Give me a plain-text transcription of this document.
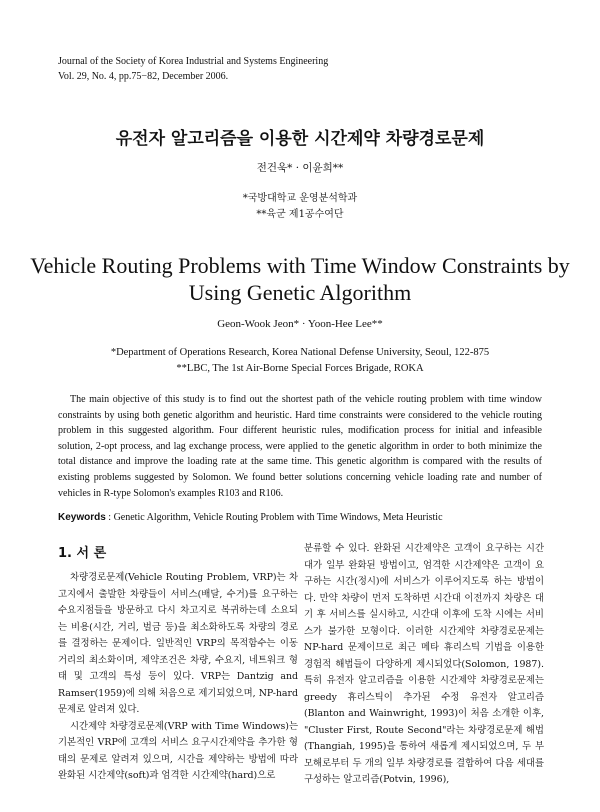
Journal of the Society of Korea Industrial and Systems Engineering
Vol. 29, No. 4, pp.75−82, December 2006.
유전자 알고리즘을 이용한 시간제약 차량경로문제
전건욱* · 이윤희**
*국방대학교 운영분석학과
**육군 제1공수여단
Vehicle Routing Problems with Time Window Constraints by
Using Genetic Algorithm
Geon-Wook Jeon* · Yoon-Hee Lee**
*Department of Operations Research, Korea National Defense University, Seoul, 122-875
**LBC, The 1st Air-Borne Special Forces Brigade, ROKA
The main objective of this study is to find out the shortest path of the vehicle routing problem with time window constraints by using both genetic algorithm and heuristic. Hard time constraints were considered to the vehicle routing problem in this suggested algorithm. Four different heuristic rules, modification process for initial and infeasible solution, 2-opt process, and lag exchange process, were applied to the genetic algorithm in order to both minimize the total distance and improve the loading rate at the same time. This genetic algorithm is compared with the results of existing problems suggested by Solomon. We found better solutions concerning vehicle loading rate and number of vehicles in R-type Solomon's examples R103 and R106.
Keywords : Genetic Algorithm, Vehicle Routing Problem with Time Windows, Meta Heuristic
1. 서 론

차량경로문제(Vehicle Routing Problem, VRP)는 차고지에서 출발한 차량들이 서비스(배달, 수거)를 요구하는 수요지점들을 방문하고 다시 차고지로 복귀하는데 소요되는 비용(시간, 거리, 벌금 등)을 최소화하도록 차량의 경로를 결정하는 문제이다. 일반적인 VRP의 목적함수는 이동거리의 최소화이며, 제약조건은 차량, 수요지, 네트워크 형태 및 고객의 특성 등이 있다. VRP는 Dantzig and Ramser(1959)에 의해 처음으로 제기되었으며, NP-hard 문제로 알려져 있다.

시간제약 차량경로문제(VRP with Time Windows)는 기본적인 VRP에 고객의 서비스 요구시간제약을 추가한 형태의 문제로 알려져 있으며, 시간을 제약하는 방법에 따라 완화된 시간제약(soft)과 엄격한 시간제약(hard)으로

분류할 수 있다. 완화된 시간제약은 고객이 요구하는 시간대가 일부 완화된 방법이고, 엄격한 시간제약은 고객이 요구하는 시간(정시)에 서비스가 이루어지도록 하는 방법이다. 만약 차량이 먼저 도착하면 시간대 이전까지 차량은 대기 후 서비스를 실시하고, 시간대 이후에 도착 시에는 서비스가 불가한 모형이다. 이러한 시간제약 차량경로문제는 NP-hard 문제이므로 최근 메타 휴리스틱 기법을 이용한 경험적 해법들이 다양하게 제시되었다(Solomon, 1987). 특히 유전자 알고리즘을 이용한 시간제약 차량경로문제는 greedy 휴리스틱이 추가된 수정 유전자 알고리즘(Blanton and Wainwright, 1993)이 처음 소개한 이후, "Cluster First, Route Second"라는 차량경로문제 해법(Thangiah, 1995)을 통하여 새롭게 제시되었으며, 두 부모해로부터 두 개의 일부 차량경로를 결합하여 다음 세대를 구성하는 알고리즘(Potvin, 1996),
